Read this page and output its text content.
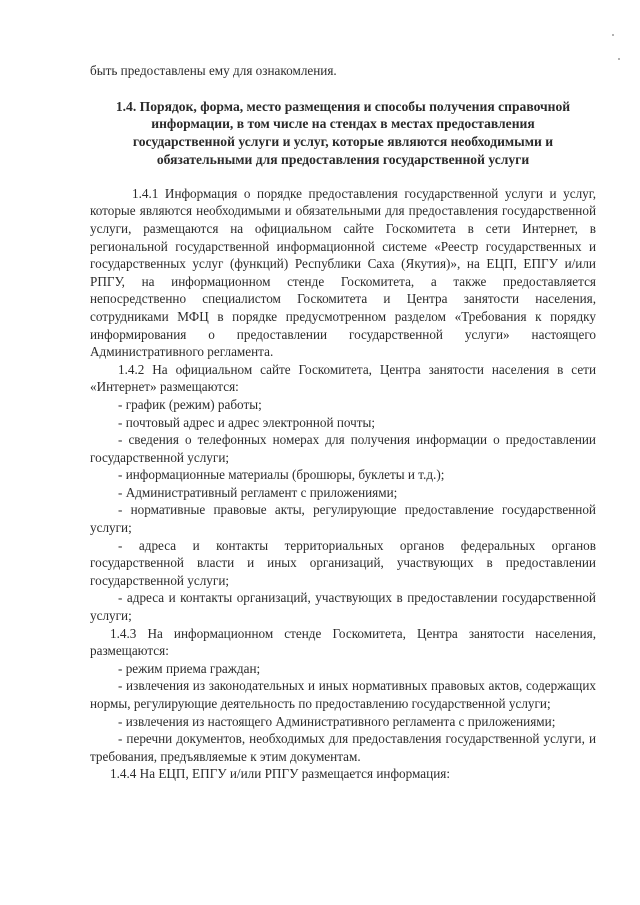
быть предоставлены ему для ознакомления.

1.4. Порядок, форма, место размещения и способы получения справочной информации, в том числе на стендах в местах предоставления государственной услуги и услуг, которые являются необходимыми и обязательными для предоставления государственной услуги

1.4.1 Информация о порядке предоставления государственной услуги и услуг, которые являются необходимыми и обязательными для предоставления государственной услуги, размещаются на официальном сайте Госкомитета в сети Интернет, в региональной государственной информационной системе «Реестр государственных и государственных услуг (функций) Республики Саха (Якутия)», на ЕЦП, ЕПГУ и/или РПГУ, на информационном стенде Госкомитета, а также предоставляется непосредственно специалистом Госкомитета и Центра занятости населения, сотрудниками МФЦ в порядке предусмотренном разделом «Требования к порядку информирования о предоставлении государственной услуги» настоящего Административного регламента.

1.4.2 На официальном сайте Госкомитета, Центра занятости населения в сети «Интернет» размещаются:

- график (режим) работы;

- почтовый адрес и адрес электронной почты;

- сведения о телефонных номерах для получения информации о предоставлении государственной услуги;

- информационные материалы (брошюры, буклеты и т.д.);

- Административный регламент с приложениями;

- нормативные правовые акты, регулирующие предоставление государственной услуги;

- адреса и контакты территориальных органов федеральных органов государственной власти и иных организаций, участвующих в предоставлении государственной услуги;

- адреса и контакты организаций, участвующих в предоставлении государственной услуги;

1.4.3 На информационном стенде Госкомитета, Центра занятости населения, размещаются:

- режим приема граждан;

- извлечения из законодательных и иных нормативных правовых актов, содержащих нормы, регулирующие деятельность по предоставлению государственной услуги;

- извлечения из настоящего Административного регламента с приложениями;

- перечни документов, необходимых для предоставления государственной услуги, и требования, предъявляемые к этим документам.

1.4.4 На ЕЦП, ЕПГУ и/или РПГУ размещается информация:
